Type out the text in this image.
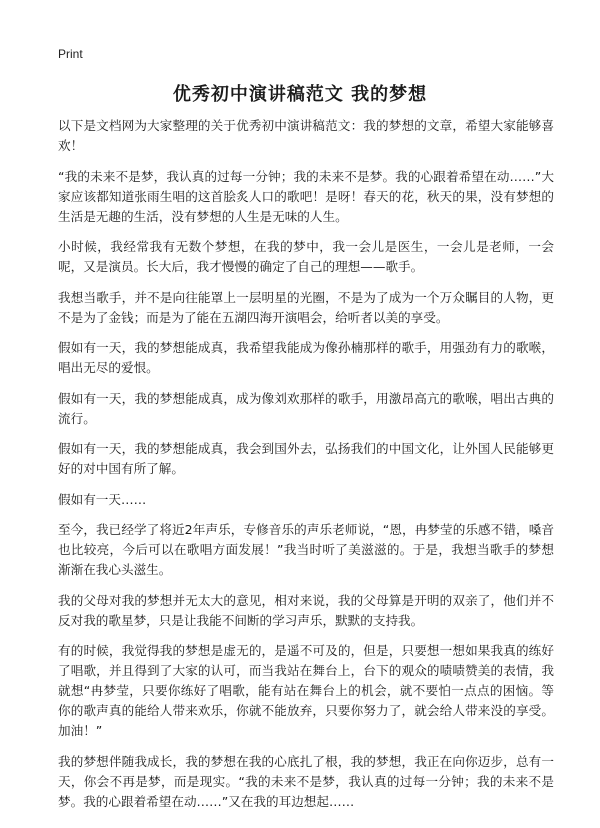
Print
优秀初中演讲稿范文 我的梦想

以下是文档网为大家整理的关于优秀初中演讲稿范文：我的梦想的文章，希望大家能够喜欢！

“我的未来不是梦，我认真的过每一分钟；我的未来不是梦。我的心跟着希望在动……”大家应该都知道张雨生唱的这首脍炙人口的歌吧！是呀！春天的花，秋天的果，没有梦想的生活是无趣的生活，没有梦想的人生是无味的人生。

小时候，我经常我有无数个梦想，在我的梦中，我一会儿是医生，一会儿是老师，一会呢，又是演员。长大后，我才慢慢的确定了自己的理想——歌手。

我想当歌手，并不是向往能罩上一层明星的光圈，不是为了成为一个万众瞩目的人物，更不是为了金钱；而是为了能在五湖四海开演唱会，给听者以美的享受。

假如有一天，我的梦想能成真，我希望我能成为像孙楠那样的歌手，用强劲有力的歌喉，唱出无尽的爱恨。

假如有一天，我的梦想能成真，成为像刘欢那样的歌手，用激昂高亢的歌喉，唱出古典的流行。

假如有一天，我的梦想能成真，我会到国外去，弘扬我们的中国文化，让外国人民能够更好的对中国有所了解。

假如有一天……

至今，我已经学了将近2年声乐，专修音乐的声乐老师说，“恩，冉梦莹的乐感不错，嗓音也比较亮，今后可以在歌唱方面发展！”我当时听了美滋滋的。于是，我想当歌手的梦想渐渐在我心头滋生。

我的父母对我的梦想并无太大的意见，相对来说，我的父母算是开明的双亲了，他们并不反对我的歌星梦，只是让我能不间断的学习声乐，默默的支持我。

有的时候，我觉得我的梦想是虚无的，是遥不可及的，但是，只要想一想如果我真的练好了唱歌，并且得到了大家的认可，而当我站在舞台上，台下的观众的啧啧赞美的表情，我就想“冉梦莹，只要你练好了唱歌，能有站在舞台上的机会，就不要怕一点点的困恼。等你的歌声真的能给人带来欢乐，你就不能放弃，只要你努力了，就会给人带来没的享受。加油！”

我的梦想伴随我成长，我的梦想在我的心底扎了根，我的梦想，我正在向你迈步，总有一天，你会不再是梦，而是现实。“我的未来不是梦，我认真的过每一分钟；我的未来不是梦。我的心跟着希望在动……”又在我的耳边想起……
